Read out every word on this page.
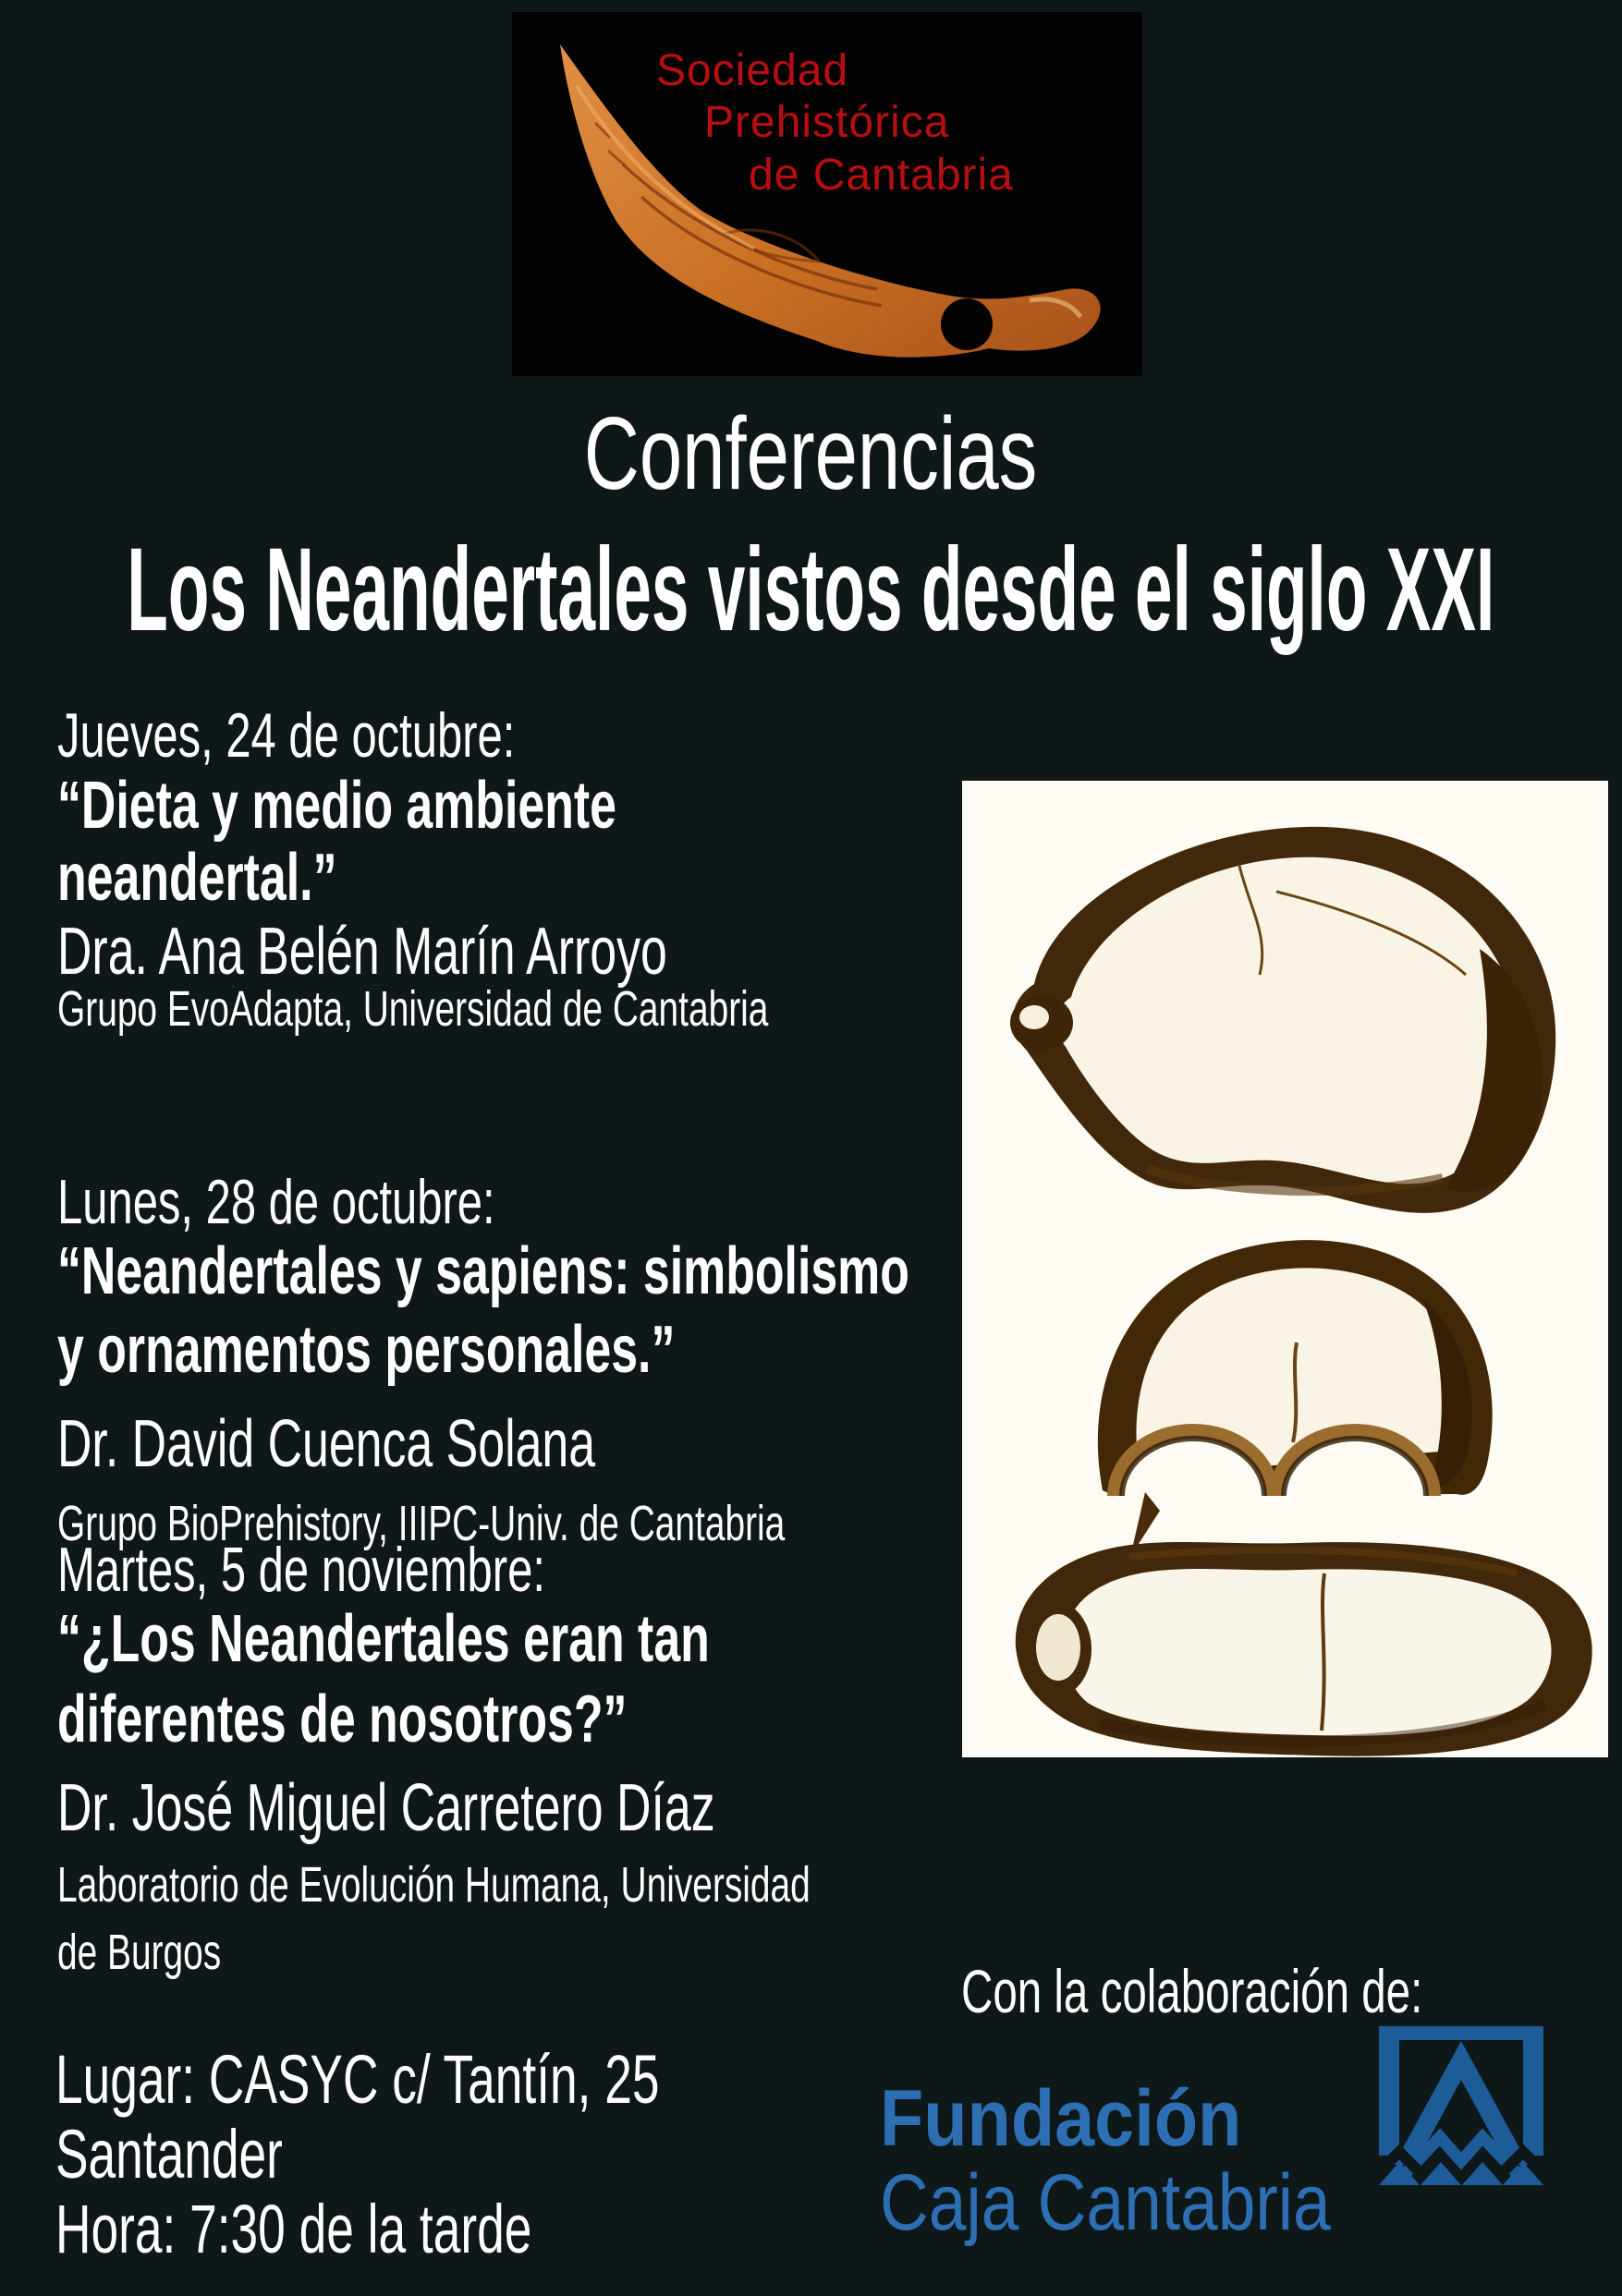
Sociedad
Prehistórica
de Cantabria
Conferencias
Los Neandertales vistos desde el siglo XXI
Jueves, 24 de octubre:
“Dieta y medio ambiente
neandertal.”
Dra. Ana Belén Marín Arroyo
Grupo EvoAdapta, Universidad de Cantabria
Lunes, 28 de octubre:
“Neandertales y sapiens: simbolismo
y ornamentos personales.”
Dr. David Cuenca Solana
Grupo BioPrehistory, IIIPC-Univ. de Cantabria
Martes, 5 de noviembre:
“¿Los Neandertales eran tan
diferentes de nosotros?”
Dr. José Miguel Carretero Díaz
Laboratorio de Evolución Humana, Universidad
de Burgos
Lugar: CASYC c/ Tantín, 25
Santander
Hora: 7:30 de la tarde
Con la colaboración de:
Fundación
Caja Cantabria
